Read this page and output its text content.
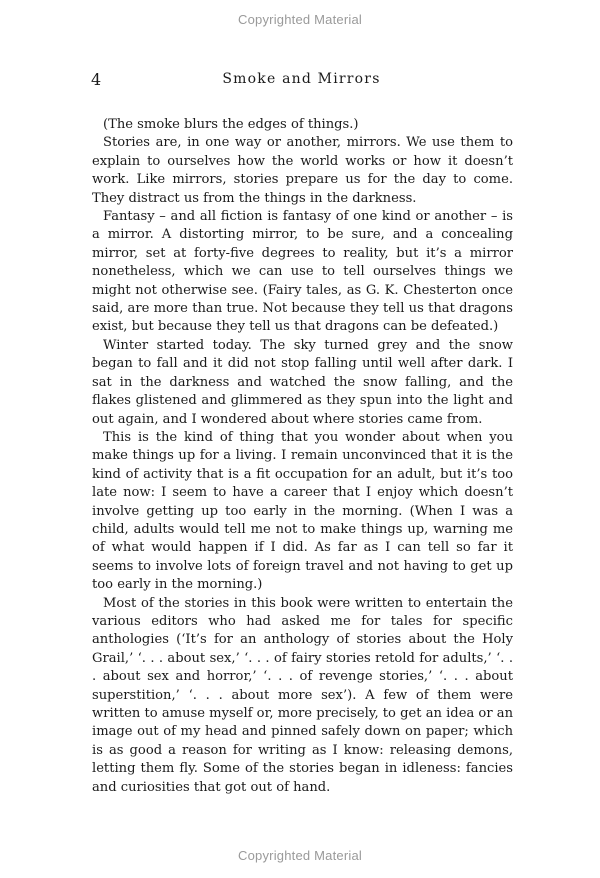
Copyrighted Material
4	Smoke and Mirrors

(The smoke blurs the edges of things.)

Stories are, in one way or another, mirrors. We use them to explain to ourselves how the world works or how it doesn’t work. Like mirrors, stories prepare us for the day to come. They distract us from the things in the darkness.

Fantasy – and all fiction is fantasy of one kind or another – is a mirror. A distorting mirror, to be sure, and a concealing mirror, set at forty-five degrees to reality, but it’s a mirror nonetheless, which we can use to tell ourselves things we might not otherwise see. (Fairy tales, as G. K. Chesterton once said, are more than true. Not because they tell us that dragons exist, but because they tell us that dragons can be defeated.)

Winter started today. The sky turned grey and the snow began to fall and it did not stop falling until well after dark. I sat in the darkness and watched the snow falling, and the flakes glistened and glimmered as they spun into the light and out again, and I wondered about where stories came from.

This is the kind of thing that you wonder about when you make things up for a living. I remain unconvinced that it is the kind of activity that is a fit occupation for an adult, but it’s too late now: I seem to have a career that I enjoy which doesn’t involve getting up too early in the morning. (When I was a child, adults would tell me not to make things up, warning me of what would happen if I did. As far as I can tell so far it seems to involve lots of foreign travel and not having to get up too early in the morning.)

Most of the stories in this book were written to entertain the various editors who had asked me for tales for specific anthologies (‘It’s for an anthology of stories about the Holy Grail,’ ‘. . . about sex,’ ‘. . . of fairy stories retold for adults,’ ‘. . . about sex and horror,’ ‘. . . of revenge stories,’ ‘. . . about superstition,’ ‘. . . about more sex’). A few of them were written to amuse myself or, more precisely, to get an idea or an image out of my head and pinned safely down on paper; which is as good a reason for writing as I know: releasing demons, letting them fly. Some of the stories began in idleness: fancies and curiosities that got out of hand.

Copyrighted Material
